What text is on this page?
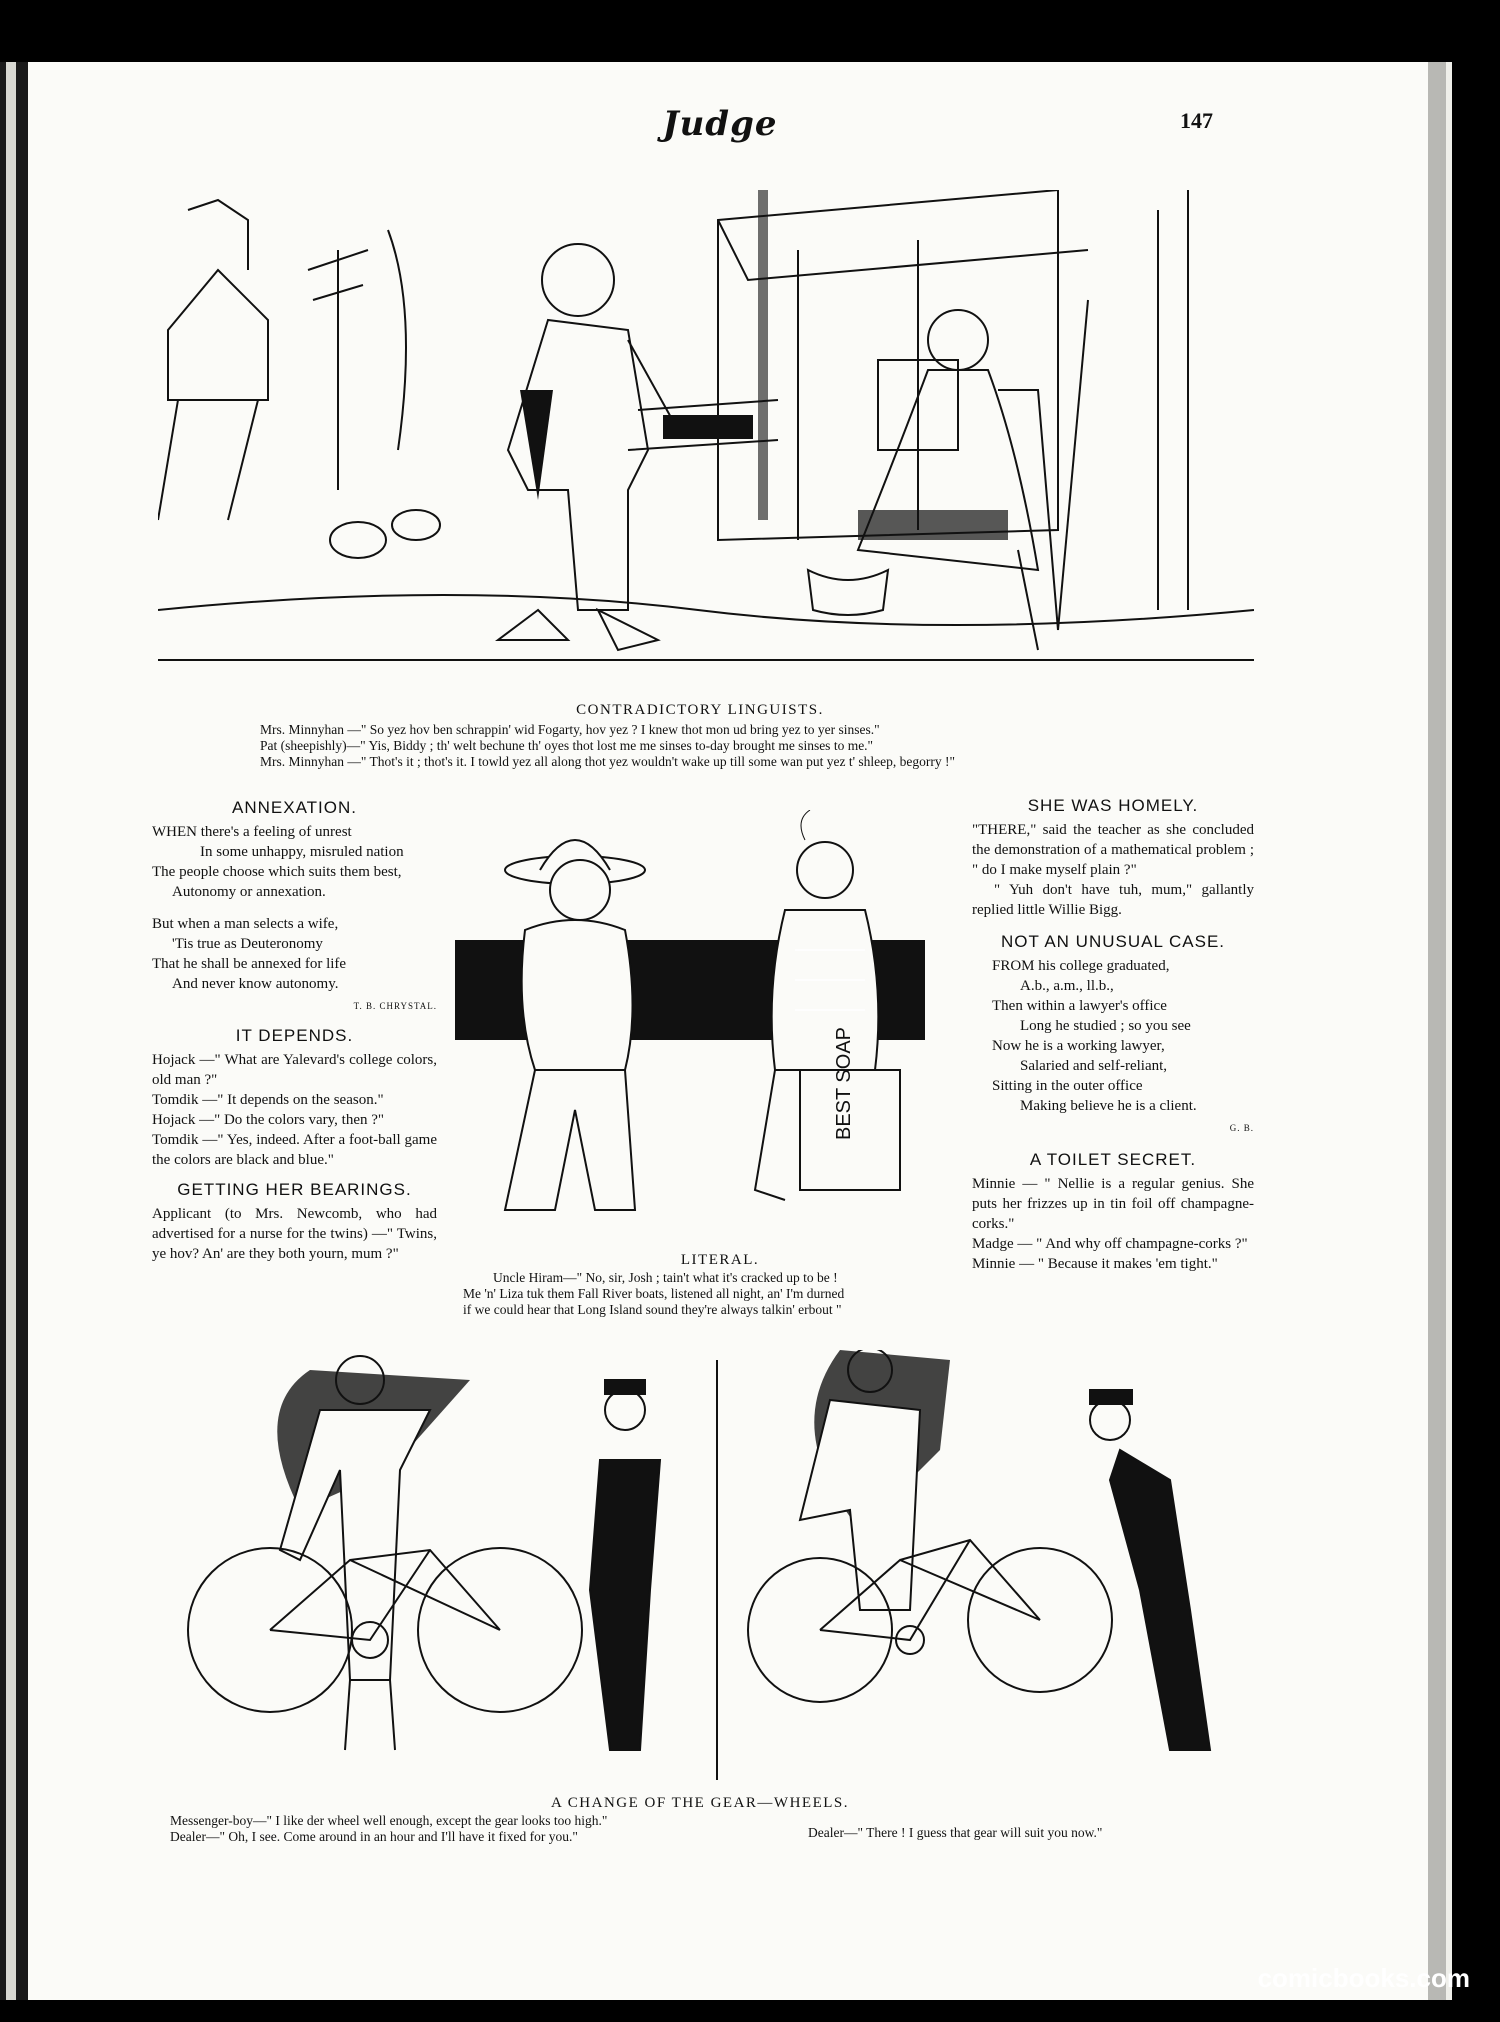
Judge	147
CONTRADICTORY LINGUISTS.
Mrs. Minnyhan —" So yez hov ben schrappin' wid Fogarty, hov yez ? I knew thot mon ud bring yez to yer sinses."
Pat (sheepishly)—" Yis, Biddy ; th' welt bechune th' oyes thot lost me me sinses to-day brought me sinses to me."
Mrs. Minnyhan —" Thot's it ; thot's it. I towld yez all along thot yez wouldn't wake up till some wan put yez t' shleep, begorry !"
ANNEXATION.

WHEN there's a feeling of unrest

In some unhappy, misruled nation

The people choose which suits them best,

Autonomy or annexation.

But when a man selects a wife,

'Tis true as Deuteronomy

That he shall be annexed for life

And never know autonomy.

T. B. CHRYSTAL.
IT DEPENDS.

Hojack —" What are Yalevard's college colors, old man ?"

Tomdik —" It depends on the season."

Hojack —" Do the colors vary, then ?"

Tomdik —" Yes, indeed. After a foot-ball game the colors are black and blue."

GETTING HER BEARINGS.

Applicant (to Mrs. Newcomb, who had advertised for a nurse for the twins) —" Twins, ye hov? An' are they both yourn, mum ?"

BEST SOAP
LITERAL.
Uncle Hiram—" No, sir, Josh ; tain't what it's cracked up to be !
Me 'n' Liza tuk them Fall River boats, listened all night, an' I'm durned
if we could hear that Long Island sound they're always talkin' erbout "
SHE WAS HOMELY.

"THERE," said the teacher as she concluded the demonstration of a mathematical problem ; " do I make myself plain ?"

" Yuh don't have tuh, mum," gallantly replied little Willie Bigg.

NOT AN UNUSUAL CASE.

FROM his college graduated,

A.b., a.m., ll.b.,

Then within a lawyer's office

Long he studied ; so you see

Now he is a working lawyer,

Salaried and self-reliant,

Sitting in the outer office

Making believe he is a client.

G. B.
A TOILET SECRET.

Minnie — " Nellie is a regular genius. She puts her frizzes up in tin foil off champagne-corks."

Madge — " And why off champagne-corks ?"

Minnie — " Because it makes 'em tight."

A CHANGE OF THE GEAR—WHEELS.
Messenger-boy—" I like der wheel well enough, except the gear looks too high."
Dealer—" Oh, I see. Come around in an hour and I'll have it fixed for you."	Dealer—" There ! I guess that gear will suit you now."
comicbooks.com
